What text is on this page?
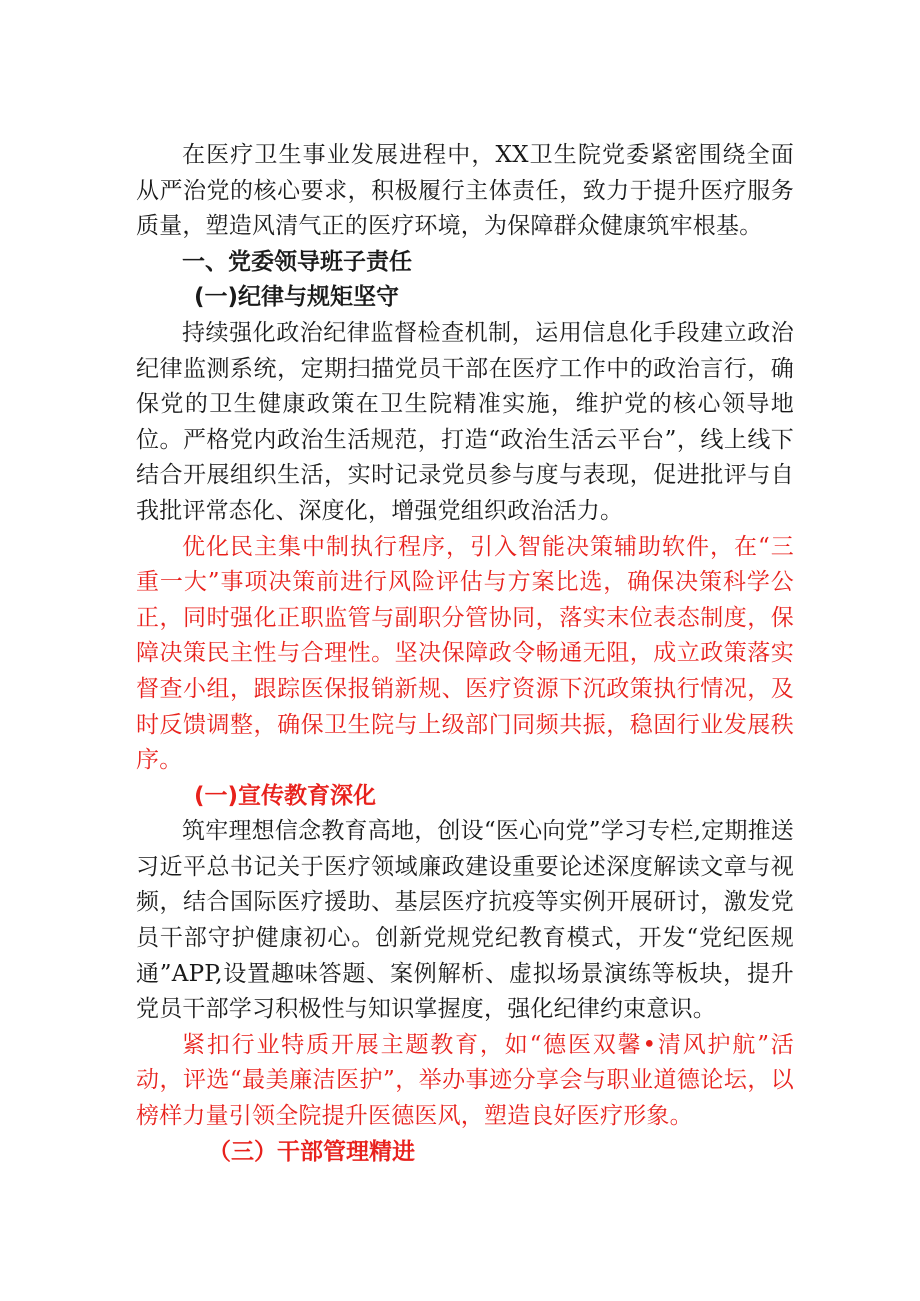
在医疗卫生事业发展进程中，XX卫生院党委紧密围绕全面从严治党的核心要求，积极履行主体责任，致力于提升医疗服务质量，塑造风清气正的医疗环境，为保障群众健康筑牢根基。

一、党委领导班子责任

(一)纪律与规矩坚守

持续强化政治纪律监督检查机制，运用信息化手段建立政治纪律监测系统，定期扫描党员干部在医疗工作中的政治言行，确保党的卫生健康政策在卫生院精准实施，维护党的核心领导地位。严格党内政治生活规范，打造“政治生活云平台”，线上线下结合开展组织生活，实时记录党员参与度与表现，促进批评与自我批评常态化、深度化，增强党组织政治活力。

优化民主集中制执行程序，引入智能决策辅助软件，在“三重一大”事项决策前进行风险评估与方案比选，确保决策科学公正，同时强化正职监管与副职分管协同，落实末位表态制度，保障决策民主性与合理性。坚决保障政令畅通无阻，成立政策落实督查小组，跟踪医保报销新规、医疗资源下沉政策执行情况，及时反馈调整，确保卫生院与上级部门同频共振，稳固行业发展秩序。

(一)宣传教育深化

筑牢理想信念教育高地，创设“医心向党”学习专栏,定期推送习近平总书记关于医疗领域廉政建设重要论述深度解读文章与视频，结合国际医疗援助、基层医疗抗疫等实例开展研讨，激发党员干部守护健康初心。创新党规党纪教育模式，开发“党纪医规通”APP,设置趣味答题、案例解析、虚拟场景演练等板块，提升党员干部学习积极性与知识掌握度，强化纪律约束意识。

紧扣行业特质开展主题教育，如“德医双馨•清风护航”活动，评选“最美廉洁医护”，举办事迹分享会与职业道德论坛，以榜样力量引领全院提升医德医风，塑造良好医疗形象。

（三）干部管理精进
